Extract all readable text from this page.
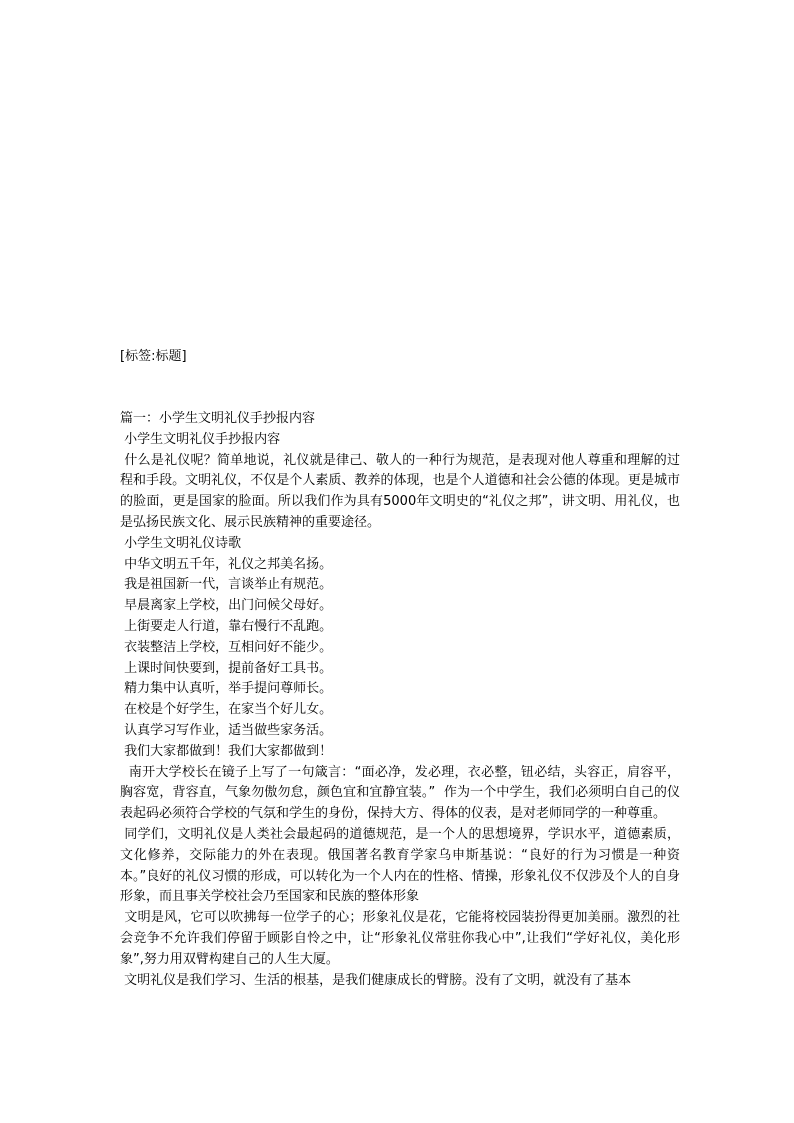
[标签:标题]

篇一：小学生文明礼仪手抄报内容

小学生文明礼仪手抄报内容

什么是礼仪呢？简单地说，礼仪就是律己、敬人的一种行为规范，是表现对他人尊重和理解的过程和手段。文明礼仪，不仅是个人素质、教养的体现，也是个人道德和社会公德的体现。更是城市的脸面，更是国家的脸面。所以我们作为具有5000年文明史的“礼仪之邦”，讲文明、用礼仪，也是弘扬民族文化、展示民族精神的重要途径。

小学生文明礼仪诗歌

中华文明五千年，礼仪之邦美名扬。

我是祖国新一代，言谈举止有规范。

早晨离家上学校，出门问候父母好。

上街要走人行道，靠右慢行不乱跑。

衣装整洁上学校，互相问好不能少。

上课时间快要到，提前备好工具书。

精力集中认真听，举手提问尊师长。

在校是个好学生，在家当个好儿女。

认真学习写作业，适当做些家务活。

我们大家都做到！我们大家都做到！

南开大学校长在镜子上写了一句箴言：“面必净，发必理，衣必整，钮必结，头容正，肩容平，胸容宽，背容直，气象勿傲勿怠，颜色宜和宜静宜装。”  作为一个中学生，我们必须明白自己的仪表起码必须符合学校的气氛和学生的身份，保持大方、得体的仪表，是对老师同学的一种尊重。

同学们，文明礼仪是人类社会最起码的道德规范，是一个人的思想境界，学识水平，道德素质，文化修养，交际能力的外在表现。俄国著名教育学家乌申斯基说：“良好的行为习惯是一种资本。”良好的礼仪习惯的形成，可以转化为一个人内在的性格、情操，形象礼仪不仅涉及个人的自身形象，而且事关学校社会乃至国家和民族的整体形象

文明是风，它可以吹拂每一位学子的心；形象礼仪是花，它能将校园装扮得更加美丽。激烈的社会竞争不允许我们停留于顾影自怜之中，让“形象礼仪常驻你我心中”,让我们“学好礼仪，美化形象”,努力用双臂构建自己的人生大厦。

文明礼仪是我们学习、生活的根基，是我们健康成长的臂膀。没有了文明，就没有了基本
